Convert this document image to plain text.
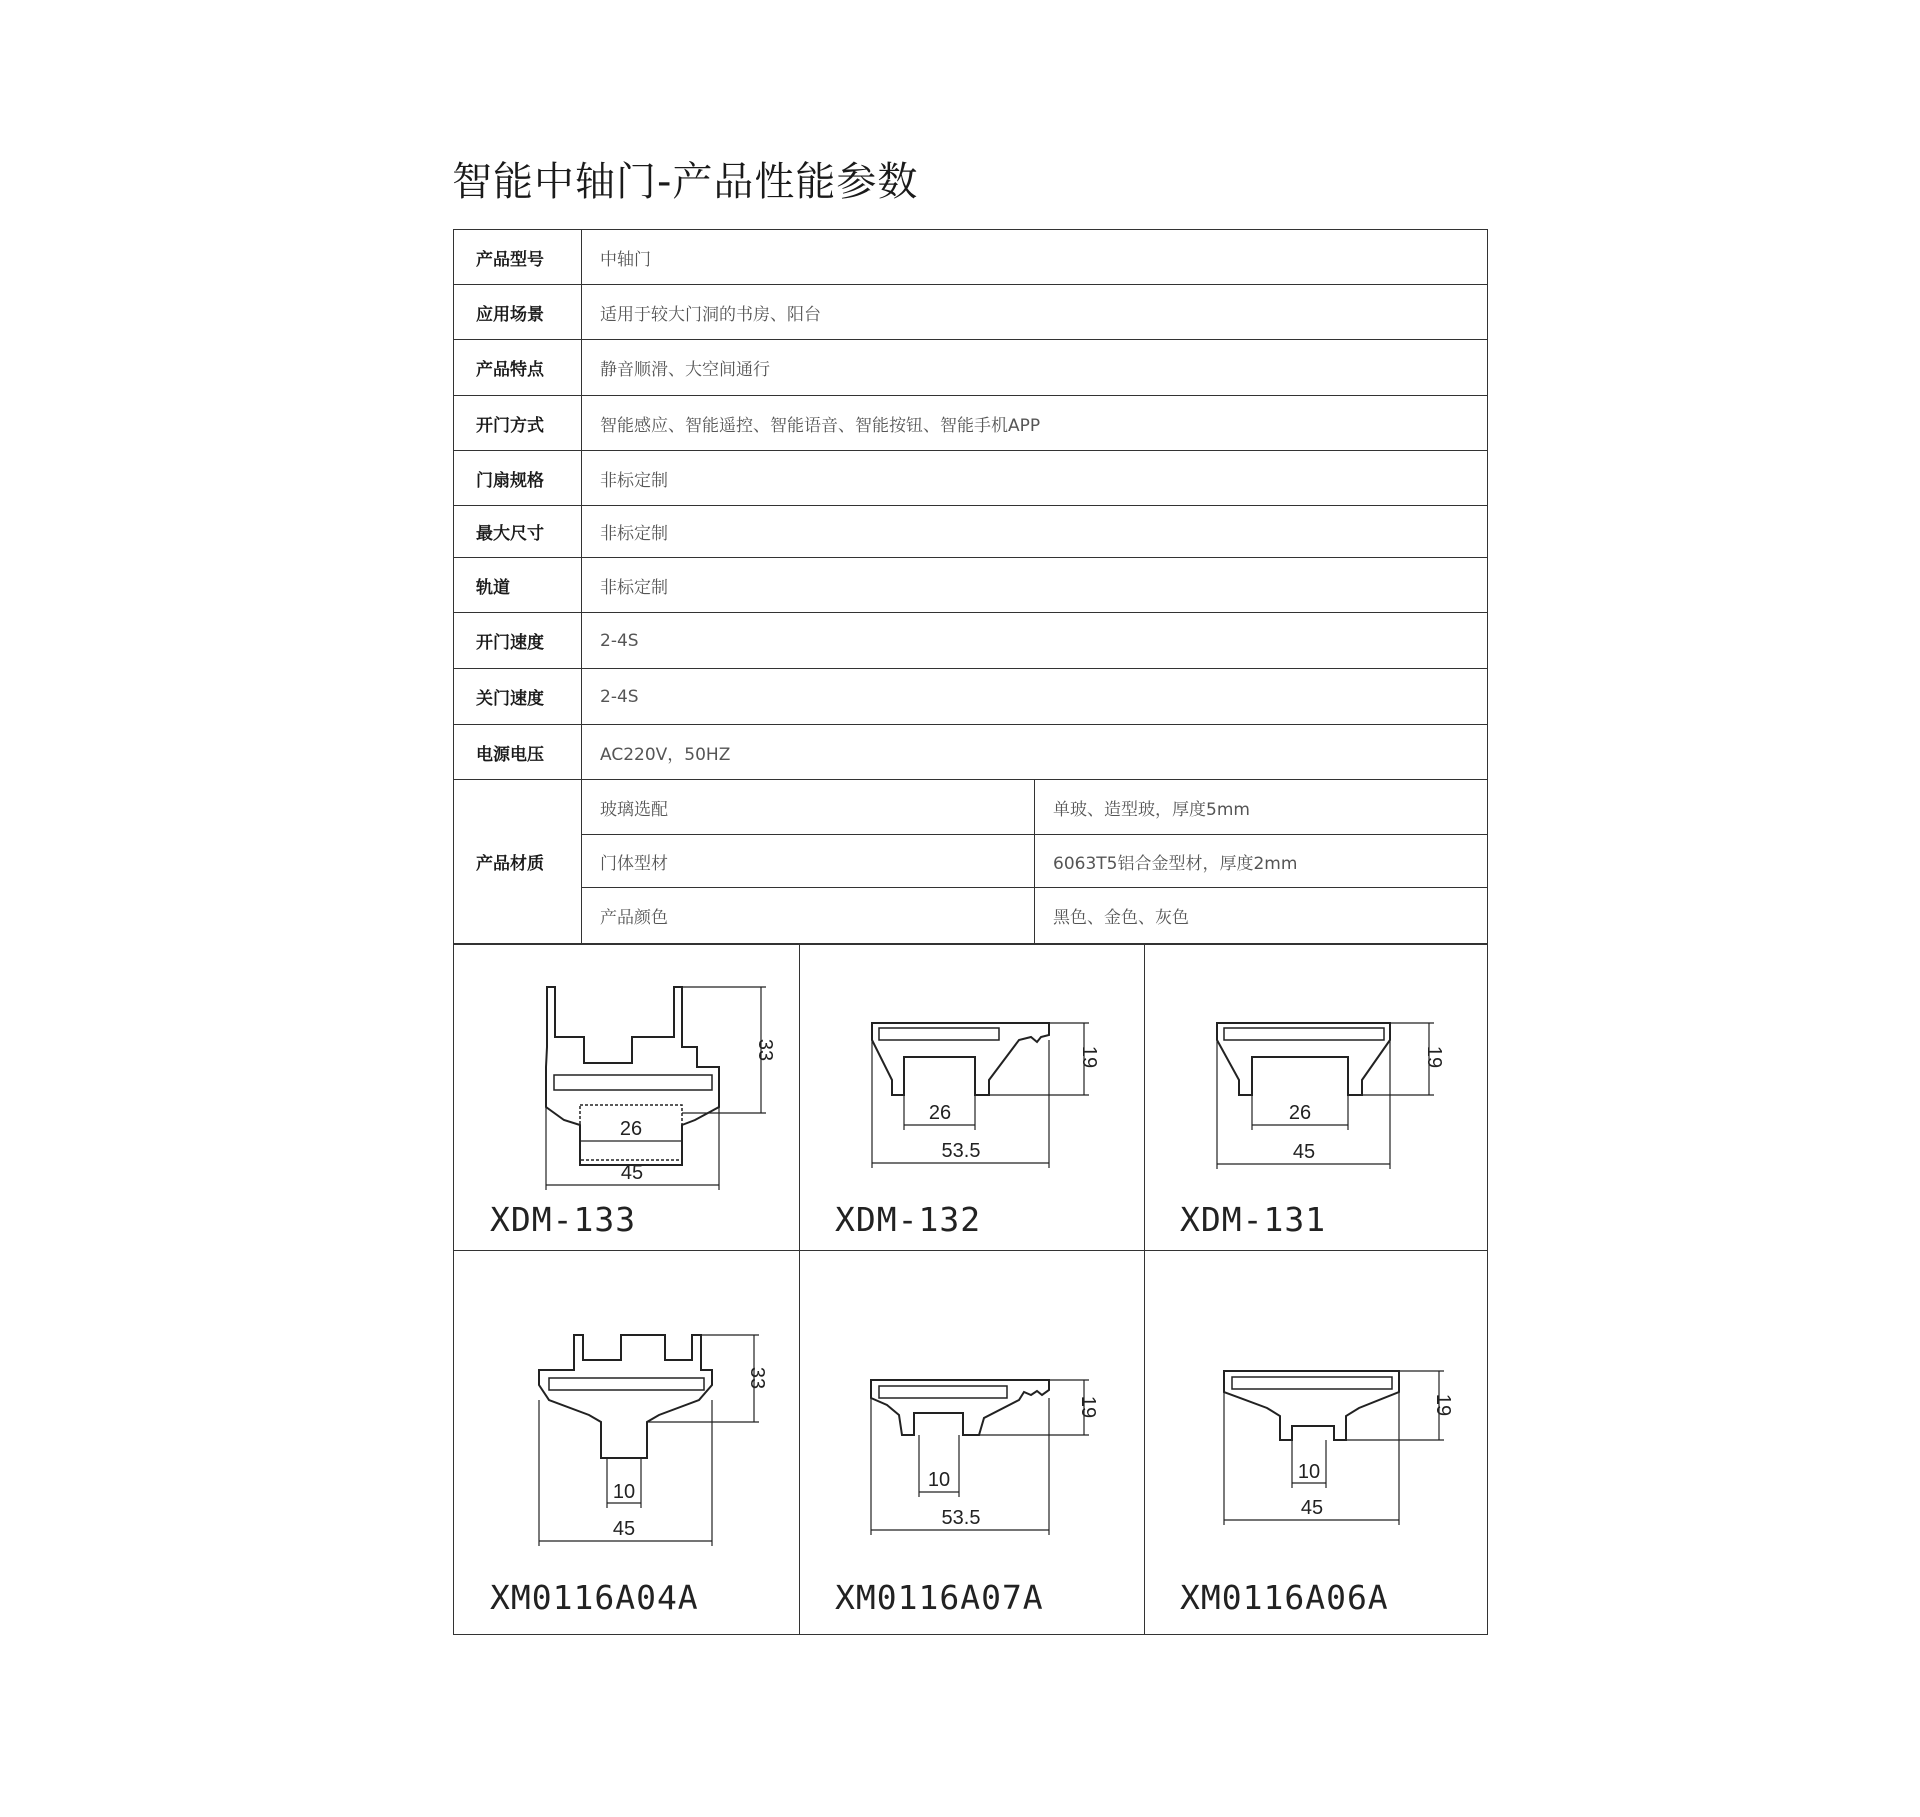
智能中轴门-产品性能参数
产品型号	中轴门	
应用场景	适用于较大门洞的书房、阳台	
产品特点	静音顺滑、大空间通行	
开门方式	智能感应、智能遥控、智能语音、智能按钮、智能手机APP	
门扇规格	非标定制	
最大尺寸	非标定制	
轨道	非标定制	
开门速度	2-4S	
关门速度	2-4S	
电源电压	AC220V，50HZ	
产品材质	玻璃选配	单玻、造型玻，厚度5mm
	门体型材	6063T5铝合金型材，厚度2mm
	产品颜色	黑色、金色、灰色
33
26
45
XDM-133
19
26
53.5
XDM-132
19
26
45
XDM-131
33
10
45
XM0116A04A
19
10
53.5
XM0116A07A
19
10
45
XM0116A06A
